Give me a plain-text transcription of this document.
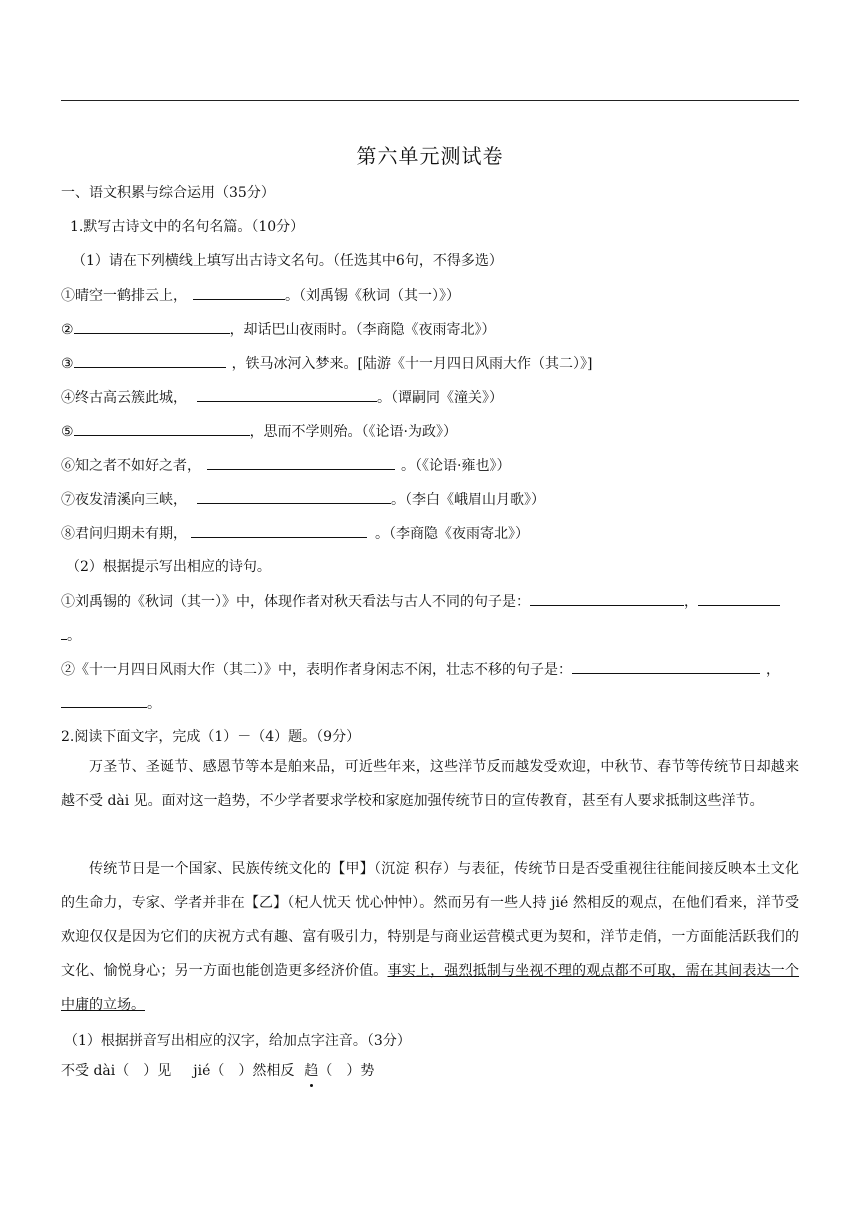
第六单元测试卷
一、语文积累与综合运用（35分）
1.默写古诗文中的名句名篇。（10分）
（1）请在下列横线上填写出古诗文名句。（任选其中6句，不得多选）
①晴空一鹤排云上，	。（刘禹锡《秋词（其一）》）
②	，却话巴山夜雨时。（李商隐《夜雨寄北》）
③	，铁马冰河入梦来。[陆游《十一月四日风雨大作（其二）》]
④终古高云簇此城，	。（谭嗣同《潼关》）
⑤	，思而不学则殆。（《论语·为政》）
⑥知之者不如好之者，	。（《论语·雍也》）
⑦夜发清溪向三峡，	。（李白《峨眉山月歌》）
⑧君问归期未有期，	。（李商隐《夜雨寄北》）
（2）根据提示写出相应的诗句。
①刘禹锡的《秋词（其一）》中，体现作者对秋天看法与古人不同的句子是：	，
。
②《十一月四日风雨大作（其二）》中，表明作者身闲志不闲，壮志不移的句子是：	，
。
2.阅读下面文字，完成（1）－（4）题。（9分）
万圣节、圣诞节、感恩节等本是舶来品，可近些年来，这些洋节反而越发受欢迎，中秋节、春节等传统节日却越来越不受 dài 见。面对这一趋势，不少学者要求学校和家庭加强传统节日的宣传教育，甚至有人要求抵制这些洋节。
传统节日是一个国家、民族传统文化的【甲】（沉淀 积存）与表征，传统节日是否受重视往往能间接反映本土文化的生命力，专家、学者并非在【乙】（杞人忧天 忧心忡忡）。然而另有一些人持 jié 然相反的观点，在他们看来，洋节受欢迎仅仅是因为它们的庆祝方式有趣、富有吸引力，特别是与商业运营模式更为契和，洋节走俏，一方面能活跃我们的文化、愉悦身心；另一方面也能创造更多经济价值。事实上，强烈抵制与坐视不理的观点都不可取，需在其间表达一个中庸的立场。
（1）根据拼音写出相应的汉字，给加点字注音。（3分）
不受 dài（　）见 jié（　）然相反 趋（　）势
